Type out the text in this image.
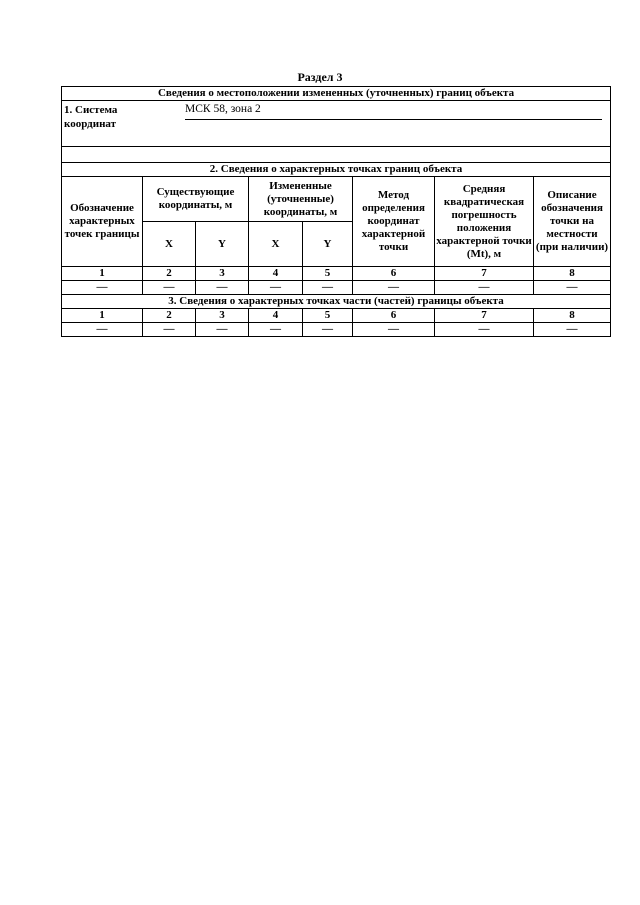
Раздел 3
Сведения о местоположении измененных (уточненных) границ объекта							

1. Система координат
МСК 58, зона 2							

2. Сведения о характерных точках границ объекта							
Обозначение характерных точек границы	Существующие координаты, м		Измененные (уточненные) координаты, м		Метод определения координат характерной точки	Средняя квадратическая погрешность положения характерной точки (Mt), м	Описание обозначения точки на местности (при наличии)
	X	Y	X	Y			
1	2	3	4	5	6	7	8
—	—	—	—	—	—	—	—
3. Сведения о характерных точках части (частей) границы объекта							
1	2	3	4	5	6	7	8
—	—	—	—	—	—	—	—
